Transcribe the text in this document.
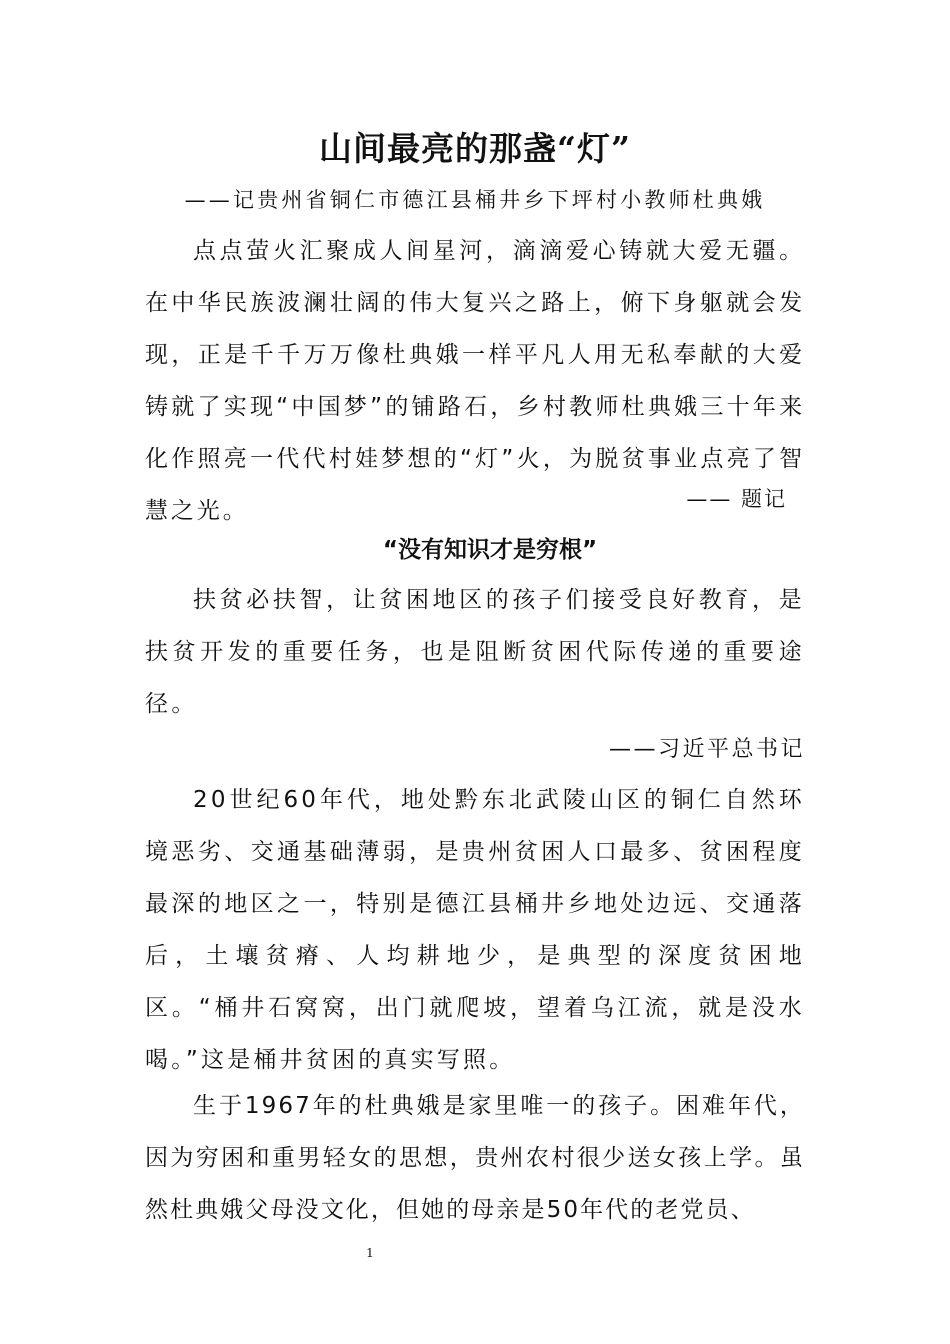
山间最亮的那盏“灯”
——记贵州省铜仁市德江县桶井乡下坪村小教师杜典娥

点点萤火汇聚成人间星河，滴滴爱心铸就大爱无疆。在中华民族波澜壮阔的伟大复兴之路上，俯下身躯就会发现，正是千千万万像杜典娥一样平凡人用无私奉献的大爱铸就了实现“中国梦”的铺路石，乡村教师杜典娥三十年来化作照亮一代代村娃梦想的“灯”火，为脱贫事业点亮了智慧之光。	—— 题记
“没有知识才是穷根”

扶贫必扶智，让贫困地区的孩子们接受良好教育，是扶贫开发的重要任务，也是阻断贫困代际传递的重要途径。

——习近平总书记

20世纪60年代，地处黔东北武陵山区的铜仁自然环境恶劣、交通基础薄弱，是贵州贫困人口最多、贫困程度最深的地区之一，特别是德江县桶井乡地处边远、交通落后，土壤贫瘠、人均耕地少，是典型的深度贫困地区。“桶井石窝窝，出门就爬坡，望着乌江流，就是没水喝。”这是桶井贫困的真实写照。

生于1967年的杜典娥是家里唯一的孩子。困难年代，因为穷困和重男轻女的思想，贵州农村很少送女孩上学。虽然杜典娥父母没文化，但她的母亲是50年代的老党员、

1
